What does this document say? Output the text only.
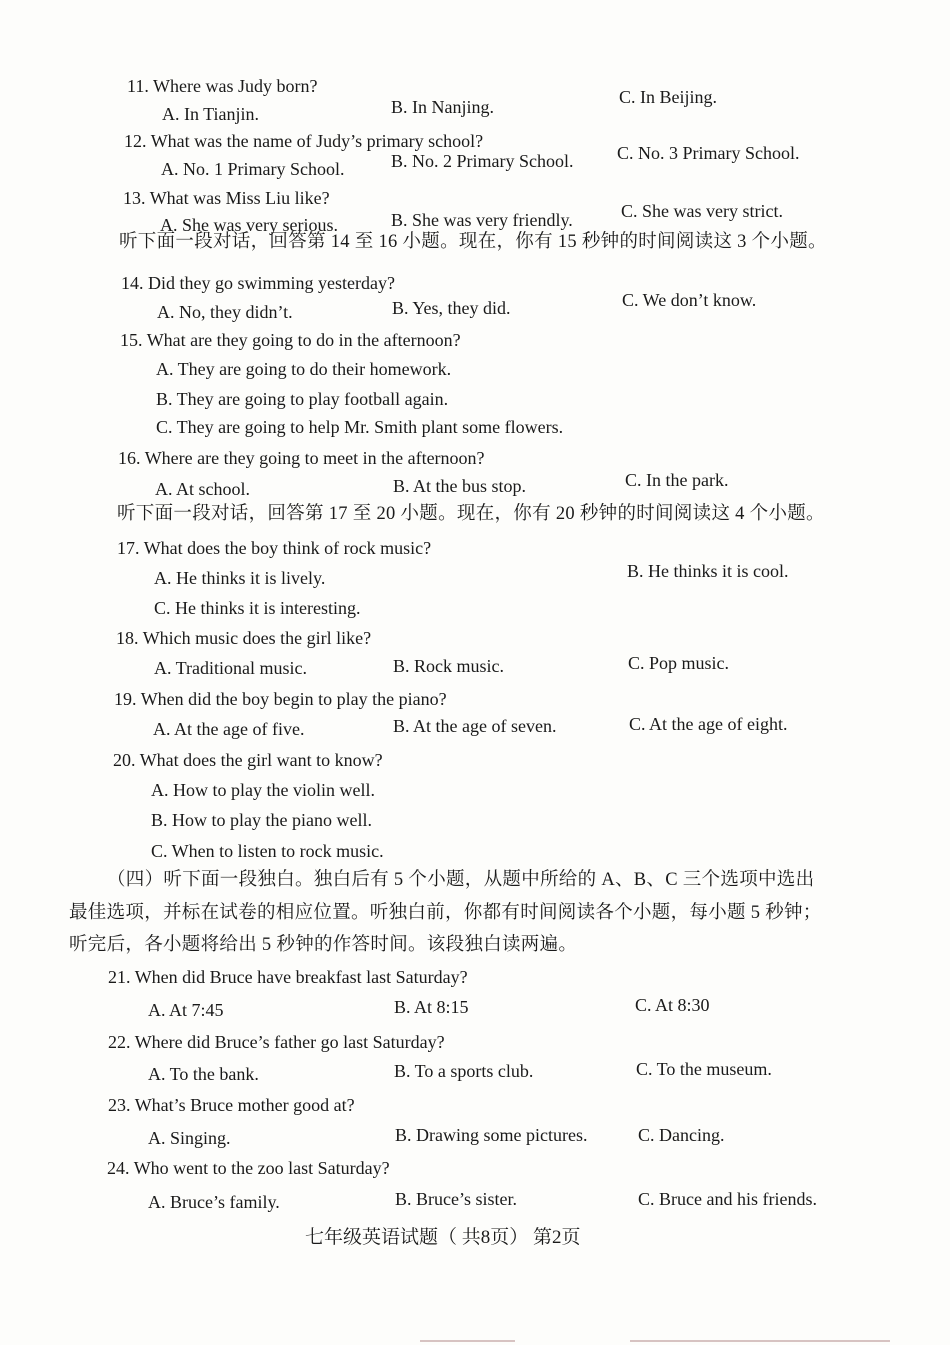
11. Where was Judy born?
A. In Tianjin.	B. In Nanjing.	C. In Beijing.
12. What was the name of Judy’s primary school?
A. No. 1 Primary School.	B. No. 2 Primary School. C. No. 3 Primary School.
13. What was Miss Liu like?
A. She was very serious.	B. She was very friendly.	C. She was very strict.
听下面一段对话，回答第 14 至 16 小题。现在，你有 15 秒钟的时间阅读这 3 个小题。
14. Did they go swimming yesterday?
A. No, they didn’t.	B. Yes, they did.	C. We don’t know.
15. What are they going to do in the afternoon?
A. They are going to do their homework.
B. They are going to play football again.
C. They are going to help Mr. Smith plant some flowers.
16. Where are they going to meet in the afternoon?
A. At school.	B. At the bus stop.	C. In the park.
听下面一段对话，回答第 17 至 20 小题。现在，你有 20 秒钟的时间阅读这 4 个小题。
17. What does the boy think of rock music?
A. He thinks it is lively.	B. He thinks it is cool.
C. He thinks it is interesting.
18. Which music does the girl like?
A. Traditional music.	B. Rock music.	C. Pop music.
19. When did the boy begin to play the piano?
A. At the age of five.	B. At the age of seven.	C. At the age of eight.
20. What does the girl want to know?
A. How to play the violin well.
B. How to play the piano well.
C. When to listen to rock music.
（四）听下面一段独白。独白后有 5 个小题，从题中所给的 A、B、C 三个选项中选出
最佳选项，并标在试卷的相应位置。听独白前，你都有时间阅读各个小题，每小题 5 秒钟；
听完后，各小题将给出 5 秒钟的作答时间。该段独白读两遍。
21. When did Bruce have breakfast last Saturday?
A. At 7:45	B. At 8:15	C. At 8:30
22. Where did Bruce’s father go last Saturday?
A. To the bank.	B. To a sports club.	C. To the museum.
23. What’s Bruce mother good at?
A. Singing.	B. Drawing some pictures.	C. Dancing.
24. Who went to the zoo last Saturday?
A. Bruce’s family.	B. Bruce’s sister.	C. Bruce and his friends.
七年级英语试题（ 共8页） 第2页
